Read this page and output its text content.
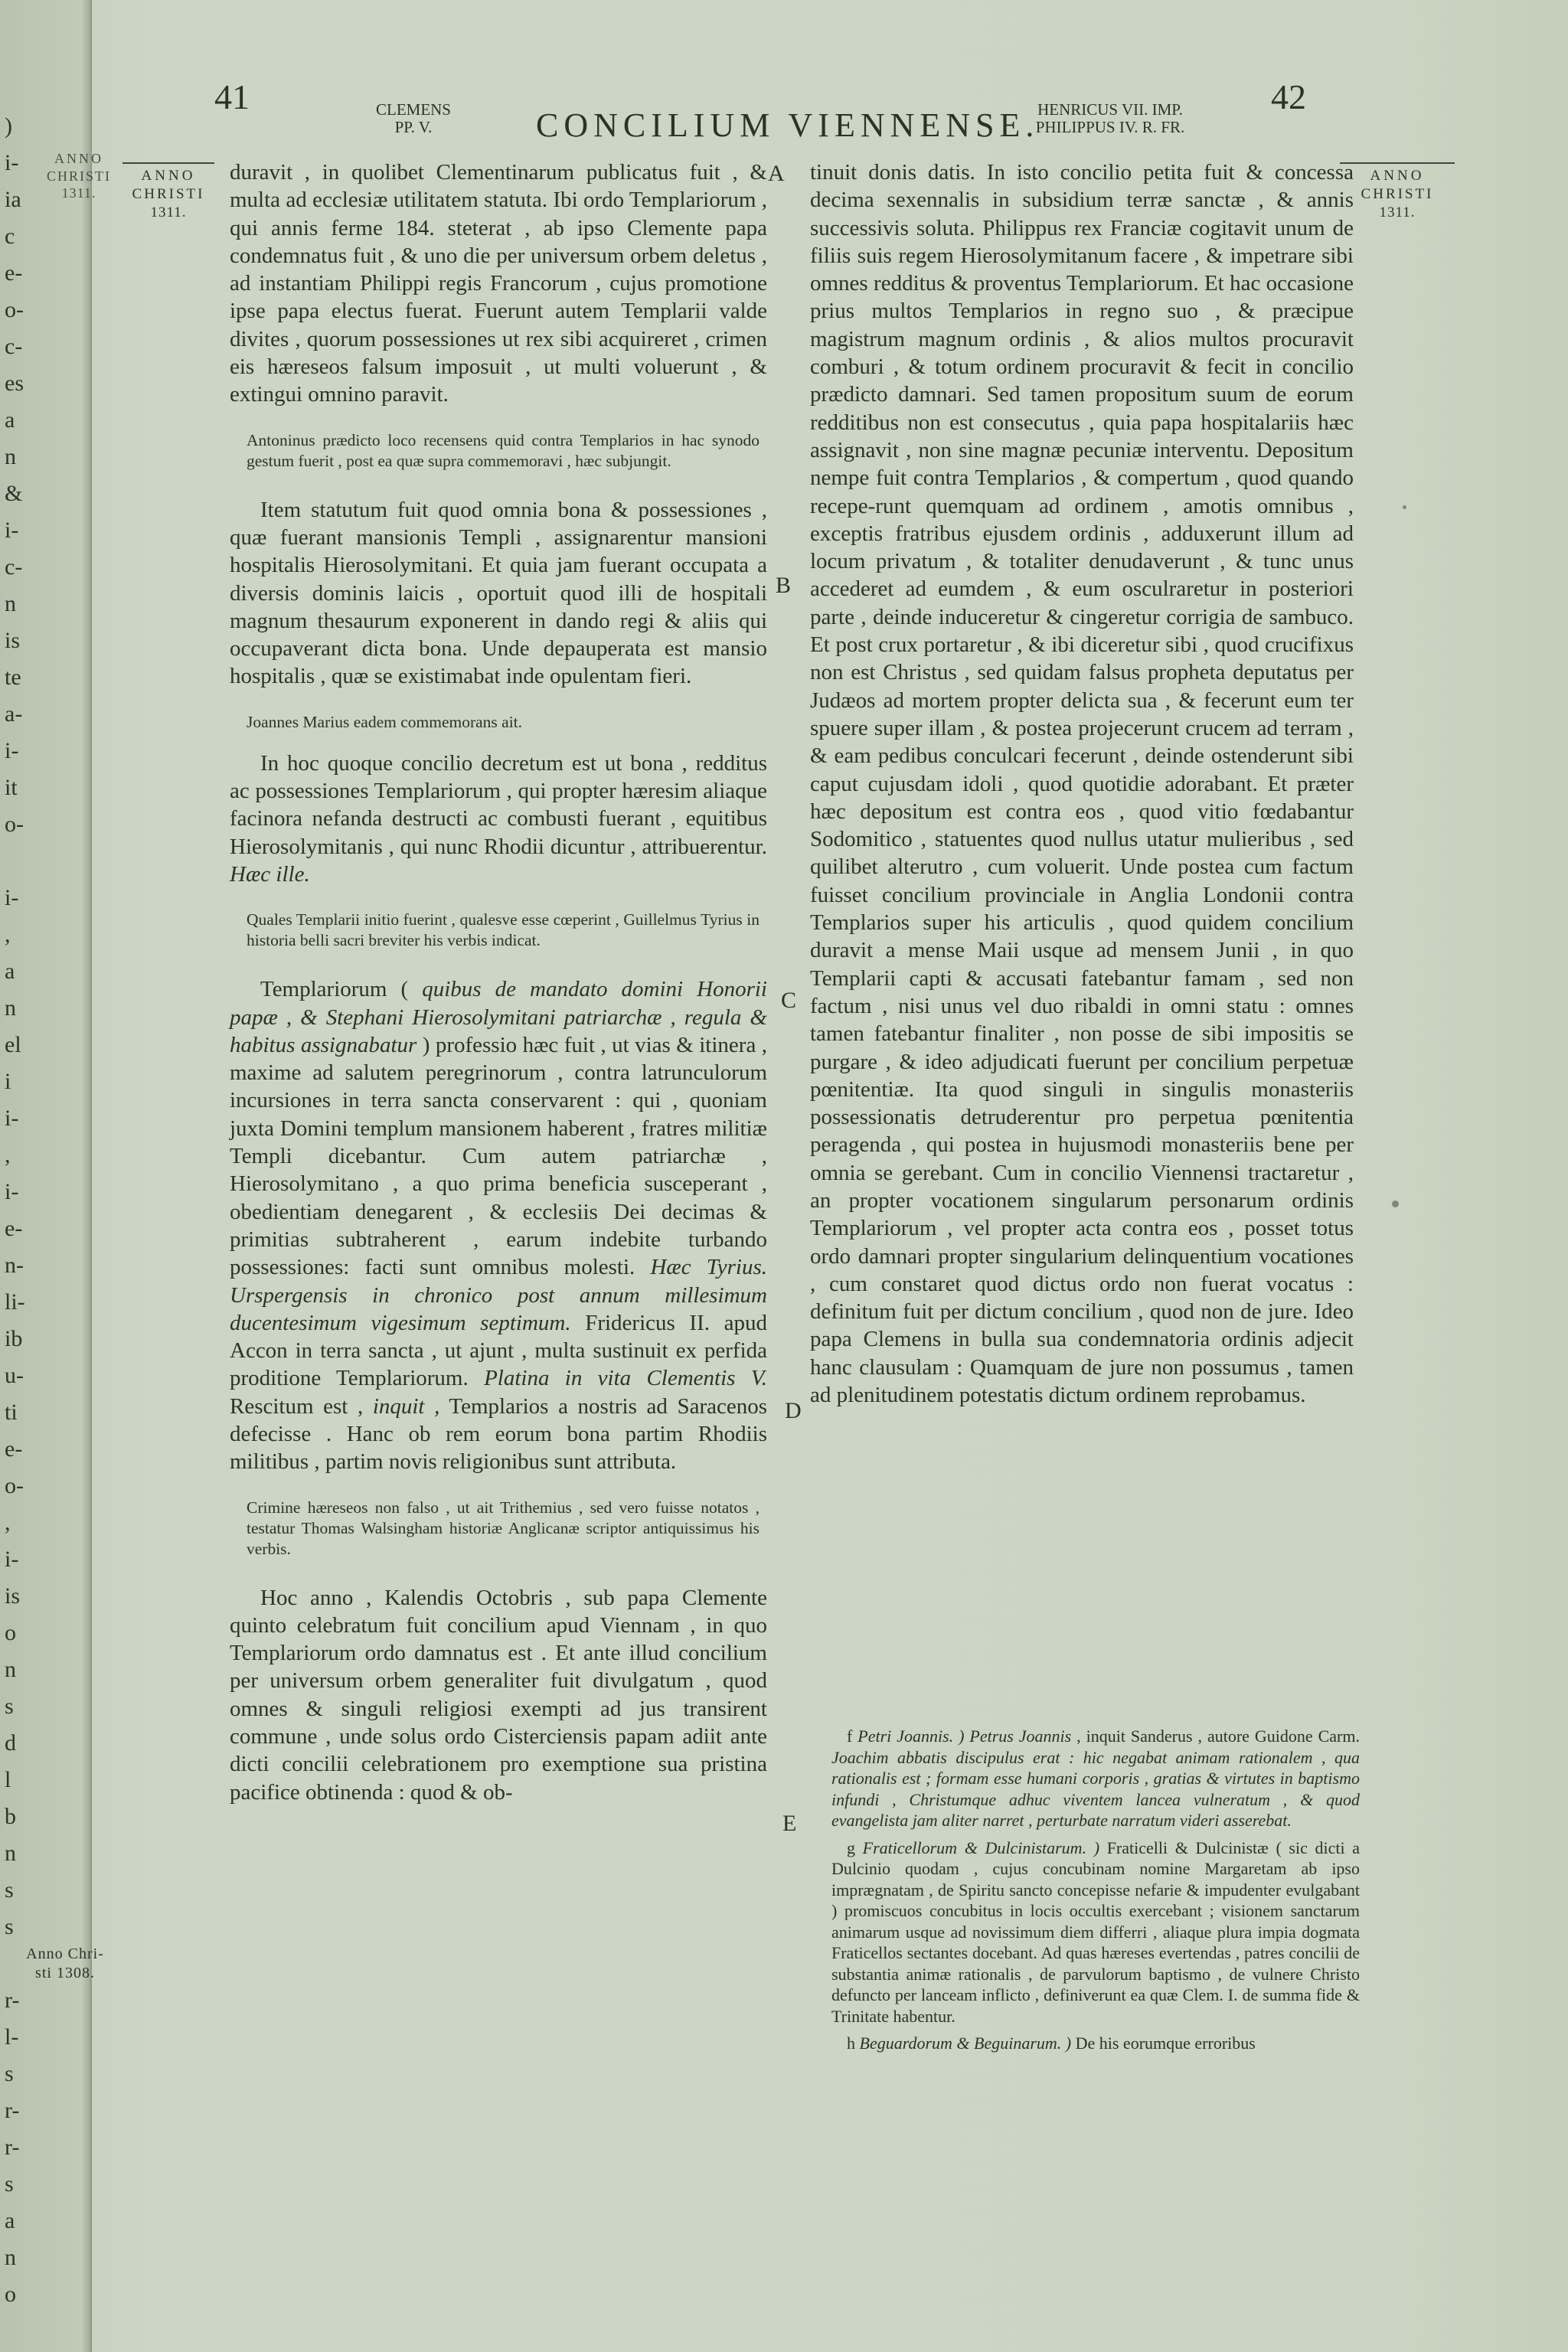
)
i-
ia
c
e-
o-
c-
es
a
n
&
i-
c-
n
is
te
a-
i-
it
o-
i-
,
a
n
el
i
i-
,
i-
e-
n-
li-
ib
u-
ti
e-
o-
,
i-
is
o
n
s
d
l
b
n
s
s
r-
l-
s
r-
r-
s
a
n
o
Anno Chri-
sti 1308.
41	CLEMENS
PP. V.	CONCILIUM VIENNENSE.
HENRICUS VII. IMP.
PHILIPPUS IV. R. FR.
42
ANNO
CHRISTI
1311.
ANNO
CHRISTI
1311.
ANNO
CHRISTI
1311.
A
B
C
D
E

duravit , in quolibet Clementinarum publicatus fuit , & multa ad ecclesiæ utilitatem statuta. Ibi ordo Templariorum , qui annis ferme 184. steterat , ab ipso Clemente papa condemnatus fuit , & uno die per universum orbem deletus , ad instantiam Philippi regis Francorum , cujus promotione ipse papa electus fuerat. Fuerunt autem Templarii valde divites , quorum possessiones ut rex sibi acquireret , crimen eis hæreseos falsum imposuit , ut multi voluerunt , & extingui omnino paravit.

Antoninus prædicto loco recensens quid contra Templarios in hac synodo gestum fuerit , post ea quæ supra commemoravi , hæc subjungit.

Item statutum fuit quod omnia bona & possessiones , quæ fuerant mansionis Templi , assignarentur mansioni hospitalis Hierosolymitani. Et quia jam fuerant occupata a diversis dominis laicis , oportuit quod illi de hospitali magnum thesaurum exponerent in dando regi & aliis qui occupaverant dicta bona. Unde depauperata est mansio hospitalis , quæ se existimabat inde opulentam fieri.

Joannes Marius eadem commemorans ait.

In hoc quoque concilio decretum est ut bona , redditus ac possessiones Templariorum , qui propter hæresim aliaque facinora nefanda destructi ac combusti fuerant , equitibus Hierosolymitanis , qui nunc Rhodii dicuntur , attribuerentur. Hæc ille.

Quales Templarii initio fuerint , qualesve esse cœperint , Guillelmus Tyrius in historia belli sacri breviter his verbis indicat.

Templariorum ( quibus de mandato domini Honorii papæ , & Stephani Hierosolymitani patriarchæ , regula & habitus assignabatur ) professio hæc fuit , ut vias & itinera , maxime ad salutem peregrinorum , contra latrunculorum incursiones in terra sancta conservarent : qui , quoniam juxta Domini templum mansionem haberent , fratres militiæ Templi dicebantur. Cum autem patriarchæ , Hierosolymitano , a quo prima beneficia susceperant , obedientiam denegarent , & ecclesiis Dei decimas & primitias subtraherent , earum indebite turbando possessiones: facti sunt omnibus molesti. Hæc Tyrius. Urspergensis in chronico post annum millesimum ducentesimum vigesimum septimum. Fridericus II. apud Accon in terra sancta , ut ajunt , multa sustinuit ex perfida proditione Templariorum. Platina in vita Clementis V. Rescitum est , inquit , Templarios a nostris ad Saracenos defecisse . Hanc ob rem eorum bona partim Rhodiis militibus , partim novis religionibus sunt attributa.

Crimine hæreseos non falso , ut ait Trithemius , sed vero fuisse notatos , testatur Thomas Walsingham historiæ Anglicanæ scriptor antiquissimus his verbis.

Hoc anno , Kalendis Octobris , sub papa Clemente quinto celebratum fuit concilium apud Viennam , in quo Templariorum ordo damnatus est . Et ante illud concilium per universum orbem generaliter fuit divulgatum , quod omnes & singuli religiosi exempti ad jus transirent commune , unde solus ordo Cisterciensis papam adiit ante dicti concilii celebrationem pro exemptione sua pristina pacifice obtinenda : quod & ob-

tinuit donis datis. In isto concilio petita fuit & concessa decima sexennalis in subsidium terræ sanctæ , & annis successivis soluta. Philippus rex Franciæ cogitavit unum de filiis suis regem Hierosolymitanum facere , & impetrare sibi omnes redditus & proventus Templariorum. Et hac occasione prius multos Templarios in regno suo , & præcipue magistrum magnum ordinis , & alios multos procuravit comburi , & totum ordinem procuravit & fecit in concilio prædicto damnari. Sed tamen propositum suum de eorum redditibus non est consecutus , quia papa hospitalariis hæc assignavit , non sine magnæ pecuniæ interventu. Depositum nempe fuit contra Templarios , & compertum , quod quando recepe-runt quemquam ad ordinem , amotis omnibus , exceptis fratribus ejusdem ordinis , adduxerunt illum ad locum privatum , & totaliter denudaverunt , & tunc unus accederet ad eumdem , & eum osculraretur in posteriori parte , deinde induceretur & cingeretur corrigia de sambuco. Et post crux portaretur , & ibi diceretur sibi , quod crucifixus non est Christus , sed quidam falsus propheta deputatus per Judæos ad mortem propter delicta sua , & fecerunt eum ter spuere super illam , & postea projecerunt crucem ad terram , & eam pedibus conculcari fecerunt , deinde ostenderunt sibi caput cujusdam idoli , quod quotidie adorabant. Et præter hæc depositum est contra eos , quod vitio fœdabantur Sodomitico , statuentes quod nullus utatur mulieribus , sed quilibet alterutro , cum voluerit. Unde postea cum factum fuisset concilium provinciale in Anglia Londonii contra Templarios super his articulis , quod quidem concilium duravit a mense Maii usque ad mensem Junii , in quo Templarii capti & accusati fatebantur famam , sed non factum , nisi unus vel duo ribaldi in omni statu : omnes tamen fatebantur finaliter , non posse de sibi impositis se purgare , & ideo adjudicati fuerunt per concilium perpetuæ pœnitentiæ. Ita quod singuli in singulis monasteriis possessionatis detruderentur pro perpetua pœnitentia peragenda , qui postea in hujusmodi monasteriis bene per omnia se gerebant. Cum in concilio Viennensi tractaretur , an propter vocationem singularum personarum ordinis Templariorum , vel propter acta contra eos , posset totus ordo damnari propter singularium delinquentium vocationes , cum constaret quod dictus ordo non fuerat vocatus : definitum fuit per dictum concilium , quod non de jure. Ideo papa Clemens in bulla sua condemnatoria ordinis adjecit hanc clausulam : Quamquam de jure non possumus , tamen ad plenitudinem potestatis dictum ordinem reprobamus.

f Petri Joannis. ) Petrus Joannis , inquit Sanderus , autore Guidone Carm. Joachim abbatis discipulus erat : hic negabat animam rationalem , qua rationalis est ; formam esse humani corporis , gratias & virtutes in baptismo infundi , Christumque adhuc viventem lancea vulneratum , & quod evangelista jam aliter narret , perturbate narratum videri asserebat.

g Fraticellorum & Dulcinistarum. ) Fraticelli & Dulcinistæ ( sic dicti a Dulcinio quodam , cujus concubinam nomine Margaretam ab ipso imprægnatam , de Spiritu sancto concepisse nefarie & impudenter evulgabant ) promiscuos concubitus in locis occultis exercebant ; visionem sanctarum animarum usque ad novissimum diem differri , aliaque plura impia dogmata Fraticellos sectantes docebant. Ad quas hæreses evertendas , patres concilii de substantia animæ rationalis , de parvulorum baptismo , de vulnere Christo defuncto per lanceam inflicto , definiverunt ea quæ Clem. I. de summa fide & Trinitate habentur.

h Beguardorum & Beguinarum. ) De his eorumque erroribus
